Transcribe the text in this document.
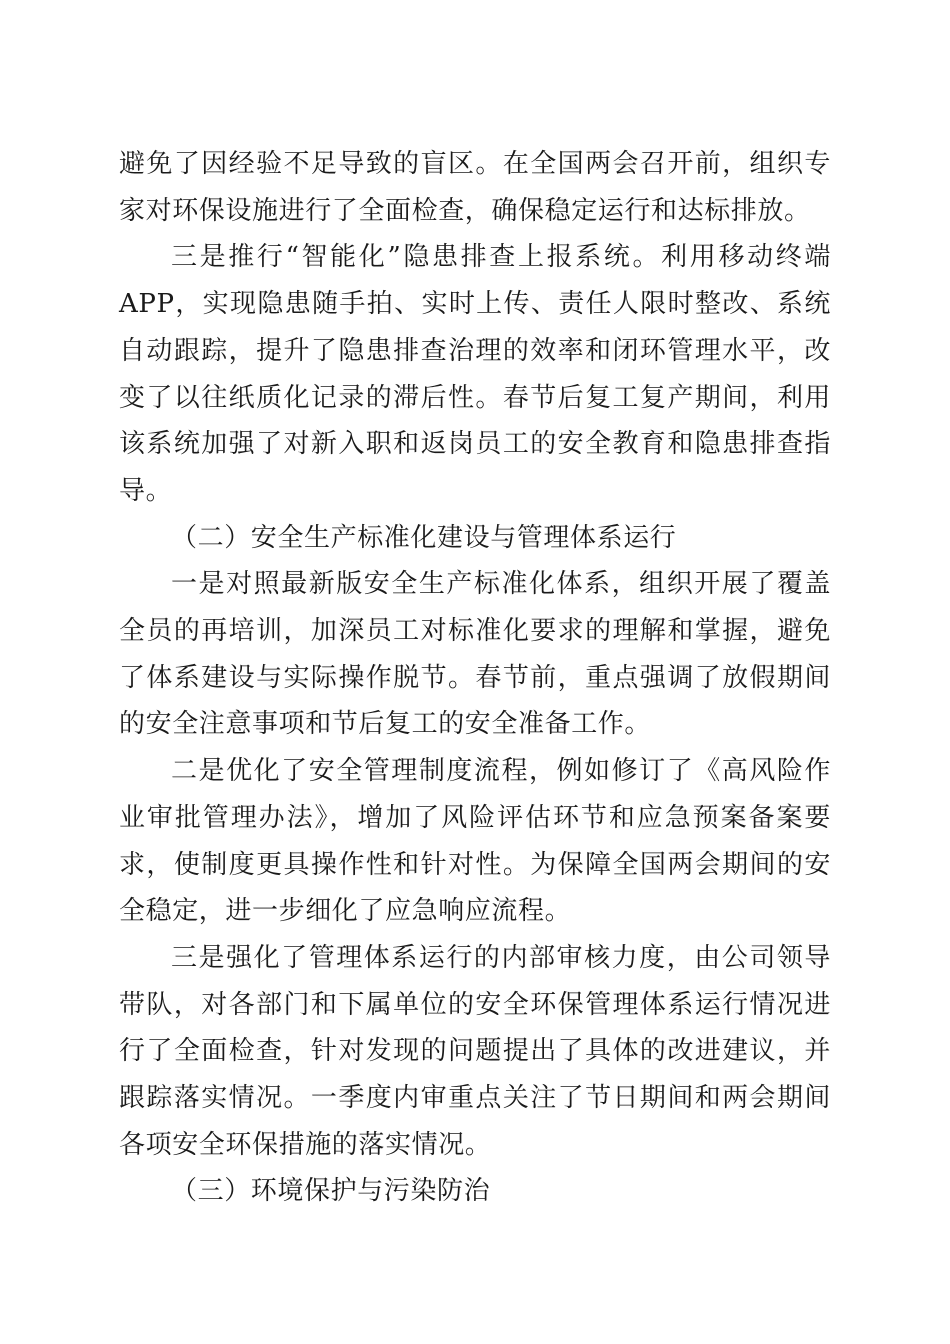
避免了因经验不足导致的盲区。在全国两会召开前，组织专家对环保设施进行了全面检查，确保稳定运行和达标排放。

三是推行“智能化”隐患排查上报系统。利用移动终端APP，实现隐患随手拍、实时上传、责任人限时整改、系统自动跟踪，提升了隐患排查治理的效率和闭环管理水平，改变了以往纸质化记录的滞后性。春节后复工复产期间，利用该系统加强了对新入职和返岗员工的安全教育和隐患排查指导。

（二）安全生产标准化建设与管理体系运行

一是对照最新版安全生产标准化体系，组织开展了覆盖全员的再培训，加深员工对标准化要求的理解和掌握，避免了体系建设与实际操作脱节。春节前，重点强调了放假期间的安全注意事项和节后复工的安全准备工作。

二是优化了安全管理制度流程，例如修订了《高风险作业审批管理办法》，增加了风险评估环节和应急预案备案要求，使制度更具操作性和针对性。为保障全国两会期间的安全稳定，进一步细化了应急响应流程。

三是强化了管理体系运行的内部审核力度，由公司领导带队，对各部门和下属单位的安全环保管理体系运行情况进行了全面检查，针对发现的问题提出了具体的改进建议，并跟踪落实情况。一季度内审重点关注了节日期间和两会期间各项安全环保措施的落实情况。

（三）环境保护与污染防治
